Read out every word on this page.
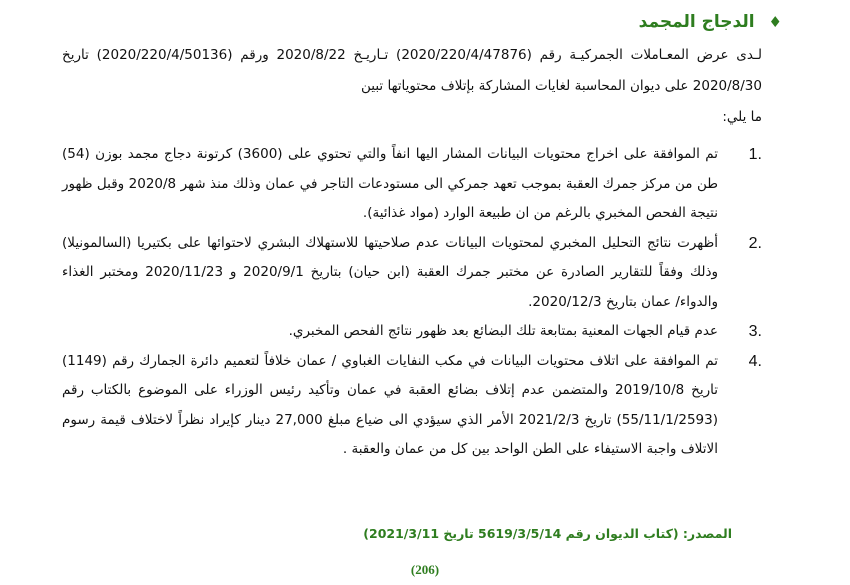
♦
الدجاج المجمد

لـدى عرض المعـاملات الجمركيـة رقم (2020/220/4/47876) تـاريـخ 2020/8/22 ورقم (2020/220/4/50136) تاريخ 2020/8/30 على ديوان المحاسبة لغايات المشاركة بإتلاف محتوياتها تبين

ما يلي:

1.
تم الموافقة على اخراج محتويات البيانات المشار اليها انفاً والتي تحتوي على (3600) كرتونة دجاج مجمد بوزن (54) طن من مركز جمرك العقبة بموجب تعهد جمركي الى مستودعات التاجر في عمان وذلك منذ شهر 2020/8 وقبل ظهور نتيجة الفحص المخبري بالرغم من ان طبيعة الوارد (مواد غذائية).
2.
أظهرت نتائج التحليل المخبري لمحتويات البيانات عدم صلاحيتها للاستهلاك البشري لاحتوائها على بكتيريا (السالمونيلا) وذلك وفقاً للتقارير الصادرة عن مختبر جمرك العقبة (ابن حيان) بتاريخ 2020/9/1 و 2020/11/23 ومختبر الغذاء والدواء/ عمان بتاريخ 2020/12/3.
3.
عدم قيام الجهات المعنية بمتابعة تلك البضائع بعد ظهور نتائج الفحص المخبري.
4.
تم الموافقة على اتلاف محتويات البيانات في مكب النفايات الغباوي / عمان خلافاً لتعميم دائرة الجمارك رقم (1149) تاريخ 2019/10/8 والمتضمن عدم إتلاف بضائع العقبة في عمان وتأكيد رئيس الوزراء على الموضوع بالكتاب رقم (55/11/1/2593) تاريخ 2021/2/3 الأمر الذي سيؤدي الى ضياع مبلغ 27,000 دينار كإيراد نظراً لاختلاف قيمة رسوم الاتلاف واجبة الاستيفاء على الطن الواحد بين كل من عمان والعقبة .
المصدر: (كتاب الديوان رقم 5619/3/5/14 تاريخ 2021/3/11)
(206)
